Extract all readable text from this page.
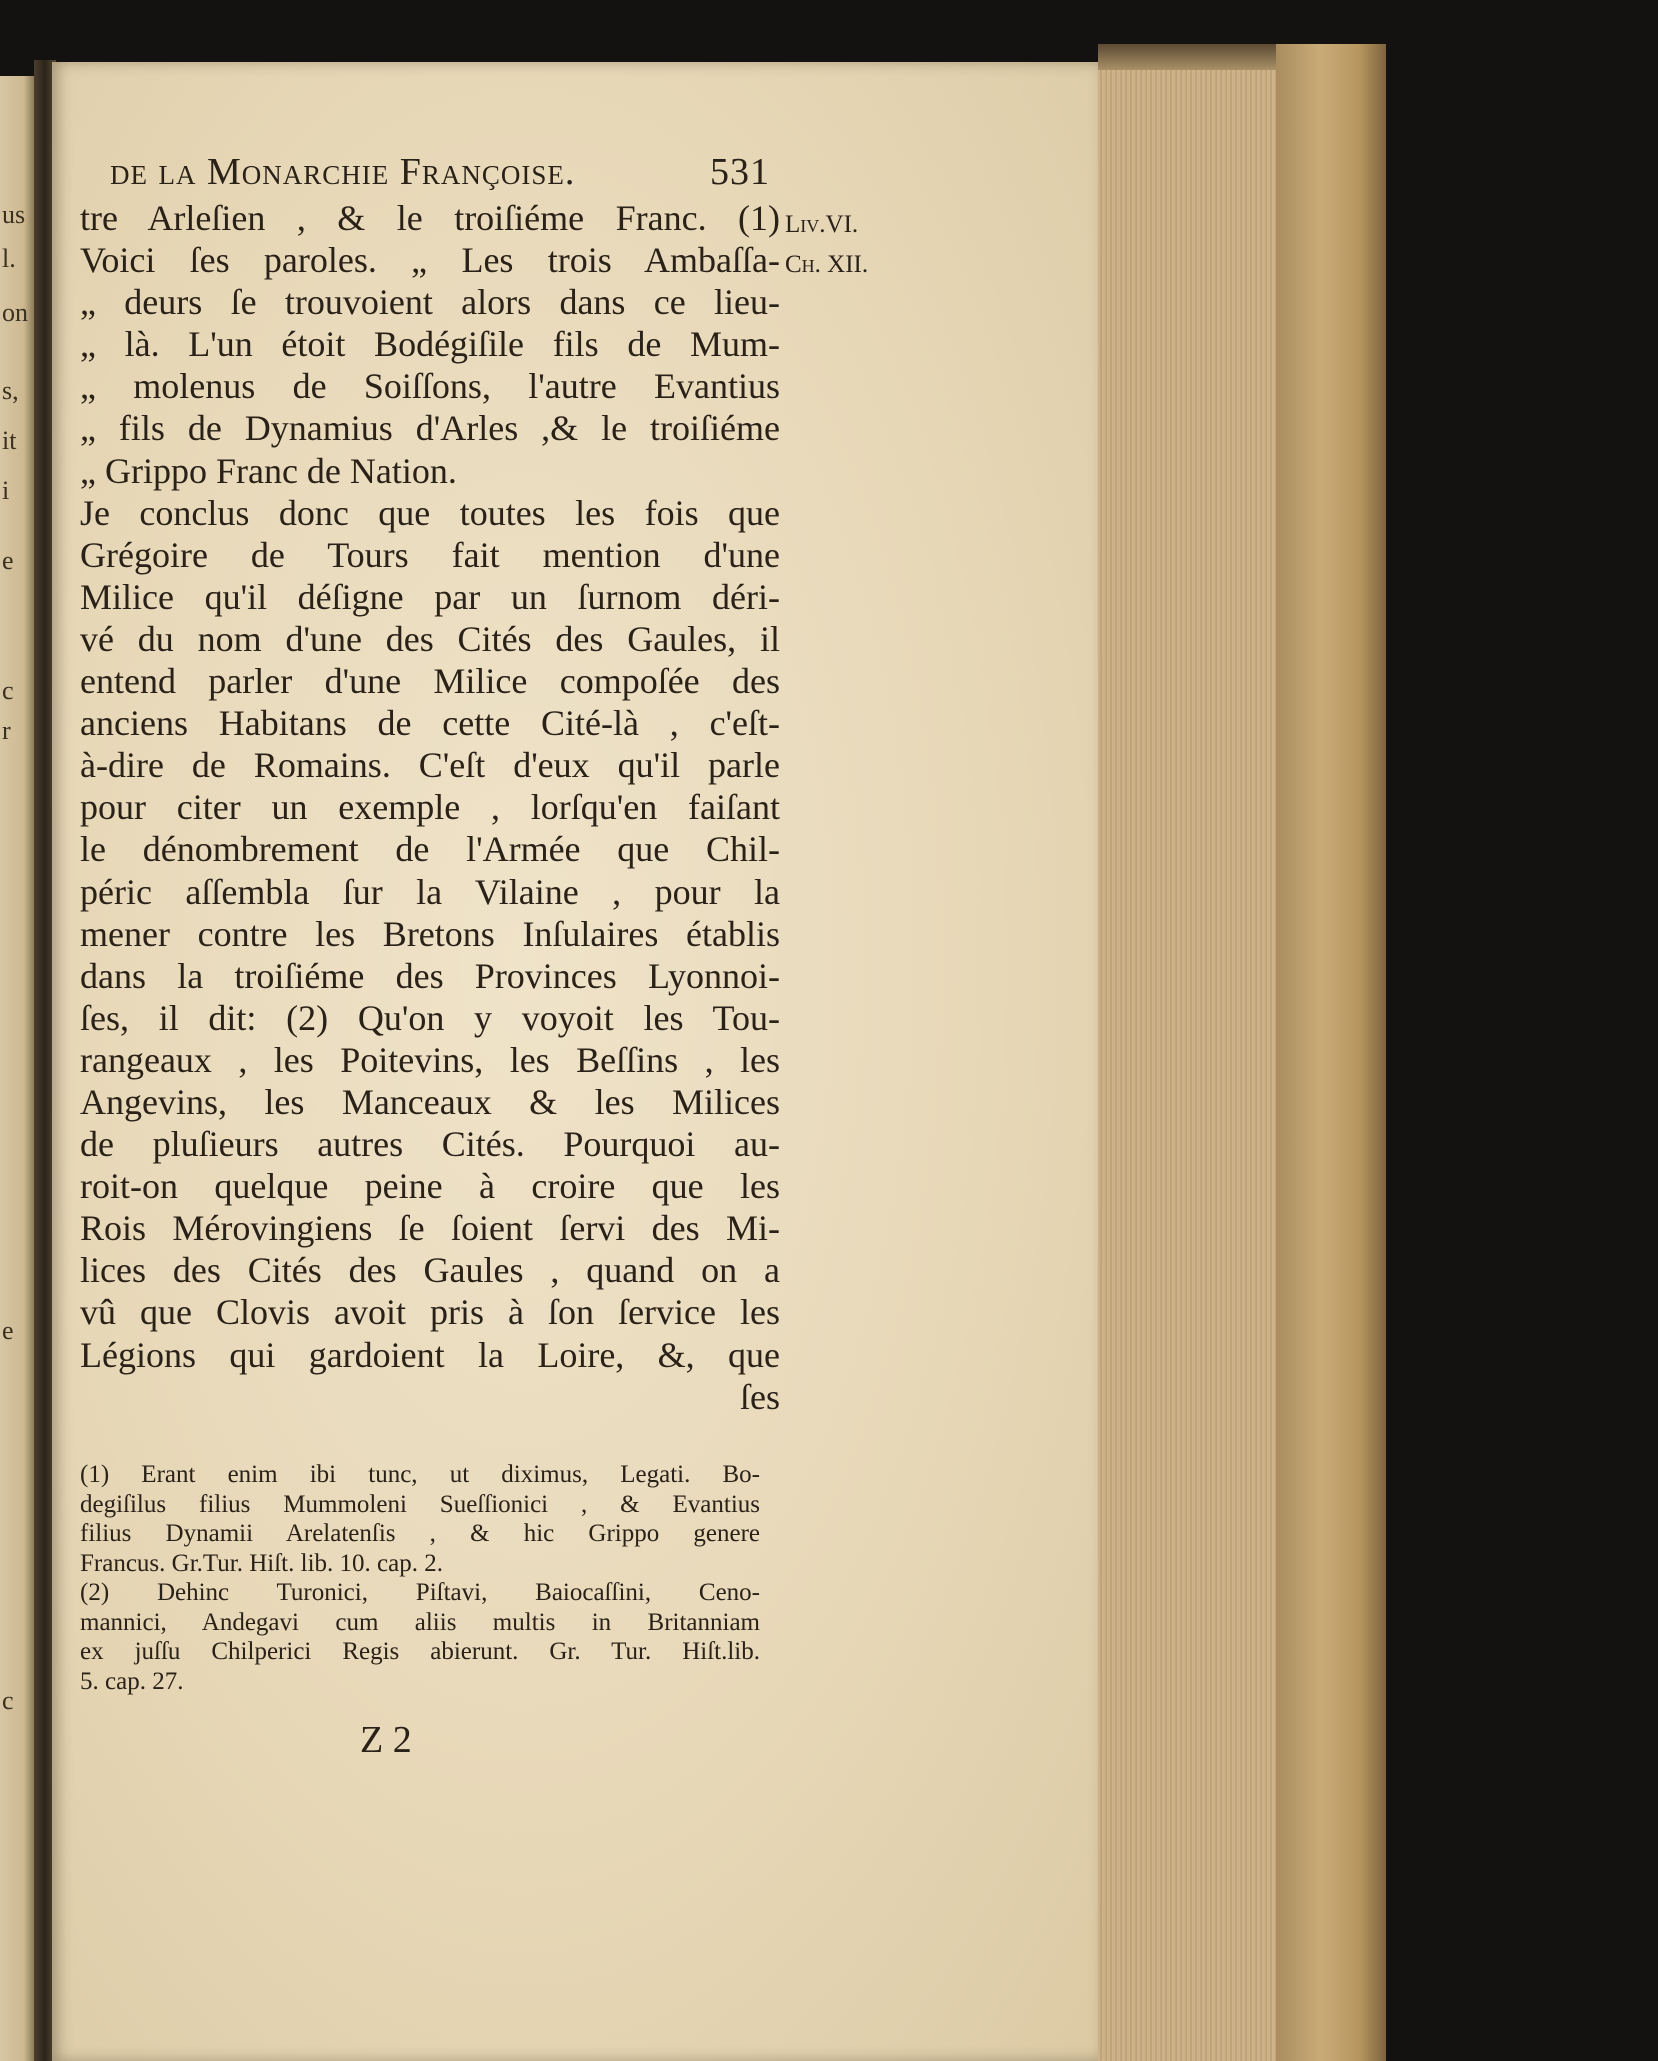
us
l.
on
s,
it
i
e
c
r
e
c
de la Monarchie Françoise.	531
Liv.VI.
Ch. XII.
tre Arleſien , & le troiſiéme Franc. (1)
Voici ſes paroles. „ Les trois Ambaſſa-
„ deurs ſe trouvoient alors dans ce lieu-
„ là. L'un étoit Bodégiſile fils de Mum-
„ molenus de Soiſſons, l'autre Evantius
„ fils de Dynamius d'Arles ,& le troiſiéme
„ Grippo Franc de Nation.
Je conclus donc que toutes les fois que
Grégoire de Tours fait mention d'une
Milice qu'il déſigne par un ſurnom déri-
vé du nom d'une des Cités des Gaules, il
entend parler d'une Milice compoſée des
anciens Habitans de cette Cité-là , c'eſt-
à-dire de Romains. C'eſt d'eux qu'il parle
pour citer un exemple , lorſqu'en faiſant
le dénombrement de l'Armée que Chil-
péric aſſembla ſur la Vilaine , pour la
mener contre les Bretons Inſulaires établis
dans la troiſiéme des Provinces Lyonnoi-
ſes, il dit: (2) Qu'on y voyoit les Tou-
rangeaux , les Poitevins, les Beſſins , les
Angevins, les Manceaux & les Milices
de pluſieurs autres Cités. Pourquoi au-
roit-on quelque peine à croire que les
Rois Mérovingiens ſe ſoient ſervi des Mi-
lices des Cités des Gaules , quand on a
vû que Clovis avoit pris à ſon ſervice les
Légions qui gardoient la Loire, &, que
ſes
(1) Erant enim ibi tunc, ut diximus, Legati. Bo-
degiſilus filius Mummoleni Sueſſionici , & Evantius
filius Dynamii Arelatenſis , & hic Grippo genere
Francus. Gr.Tur. Hiſt. lib. 10. cap. 2.
(2) Dehinc Turonici, Piſtavi, Baiocaſſini, Ceno-
mannici, Andegavi cum aliis multis in Britanniam
ex juſſu Chilperici Regis abierunt. Gr. Tur. Hiſt.lib.
5. cap. 27.
Z 2
